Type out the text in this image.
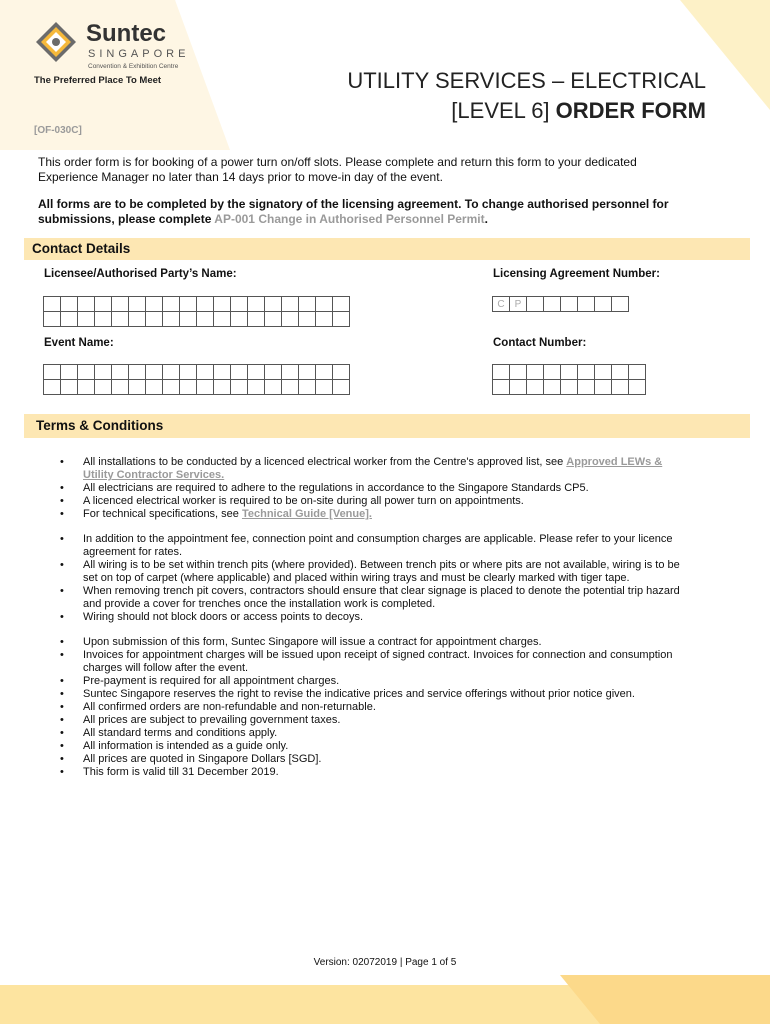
Suntec
SINGAPORE
Convention & Exhibition Centre
The Preferred Place To Meet
[OF-030C]
UTILITY SERVICES – ELECTRICAL
[LEVEL 6] ORDER FORM
This order form is for booking of a power turn on/off slots. Please complete and return this form to your dedicated Experience Manager no later than 14 days prior to move-in day of the event.
All forms are to be completed by the signatory of the licensing agreement. To change authorised personnel for submissions, please complete AP-001 Change in Authorised Personnel Permit.
Contact Details
Licensee/Authorised Party’s Name:	Licensing Agreement Number:

C	P						
Event Name:	Contact Number:

Terms & Conditions
• All installations to be conducted by a licenced electrical worker from the Centre's approved list, see Approved LEWs & Utility Contractor Services.
• All electricians are required to adhere to the regulations in accordance to the Singapore Standards CP5.
• A licenced electrical worker is required to be on-site during all power turn on appointments.
• For technical specifications, see Technical Guide [Venue].
• In addition to the appointment fee, connection point and consumption charges are applicable. Please refer to your licence agreement for rates.
• All wiring is to be set within trench pits (where provided). Between trench pits or where pits are not available, wiring is to be set on top of carpet (where applicable) and placed within wiring trays and must be clearly marked with tiger tape.
• When removing trench pit covers, contractors should ensure that clear signage is placed to denote the potential trip hazard and provide a cover for trenches once the installation work is completed.
• Wiring should not block doors or access points to decoys.
• Upon submission of this form, Suntec Singapore will issue a contract for appointment charges.
• Invoices for appointment charges will be issued upon receipt of signed contract. Invoices for connection and consumption charges will follow after the event.
• Pre-payment is required for all appointment charges.
• Suntec Singapore reserves the right to revise the indicative prices and service offerings without prior notice given.
• All confirmed orders are non-refundable and non-returnable.
• All prices are subject to prevailing government taxes.
• All standard terms and conditions apply.
• All information is intended as a guide only.
• All prices are quoted in Singapore Dollars [SGD].
• This form is valid till 31 December 2019.
Version: 02072019 | Page 1 of 5
